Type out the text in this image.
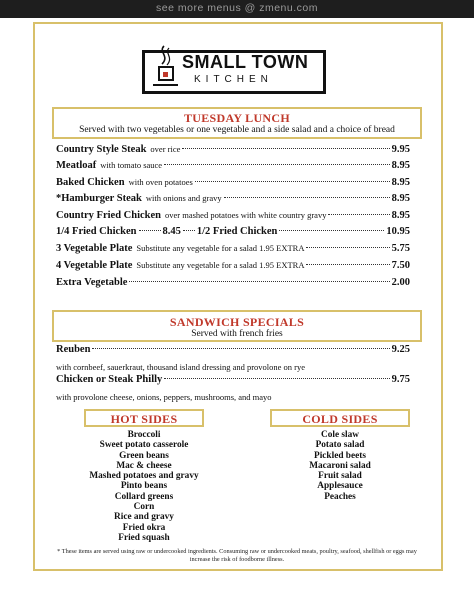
see more menus @ zmenu.com
SMALL TOWN
KITCHEN
TUESDAY LUNCH
Served with two vegetables or one vegetable and a side salad and a choice of bread
Country Style Steak over rice	9.95
Meatloaf with tomato sauce	8.95
Baked Chicken with oven potatoes	8.95
*Hamburger Steak with onions and gravy	8.95
Country Fried Chicken over mashed potatoes with white country gravy	8.95
1/4 Fried Chicken 8.45 1/2 Fried Chicken	10.95
3 Vegetable Plate Substitute any vegetable for a salad 1.95 EXTRA	5.75
4 Vegetable Plate Substitute any vegetable for a salad 1.95 EXTRA	7.50
Extra Vegetable	2.00
SANDWICH SPECIALS
Served with french fries
Reuben	9.25
with cornbeef, sauerkraut, thousand island dressing and provolone on rye
Chicken or Steak Philly	9.75
with provolone cheese, onions, peppers, mushrooms, and mayo
HOT SIDES
Broccoli
Sweet potato casserole
Green beans
Mac & cheese
Mashed potatoes and gravy
Pinto beans
Collard greens
Corn
Rice and gravy
Fried okra
Fried squash
COLD SIDES
Cole slaw
Potato salad
Pickled beets
Macaroni salad
Fruit salad
Applesauce
Peaches
* These items are served using raw or undercooked ingredients. Consuming raw or undercooked meats, poultry, seafood, shellfish or eggs may
increase the risk of foodborne illness.
